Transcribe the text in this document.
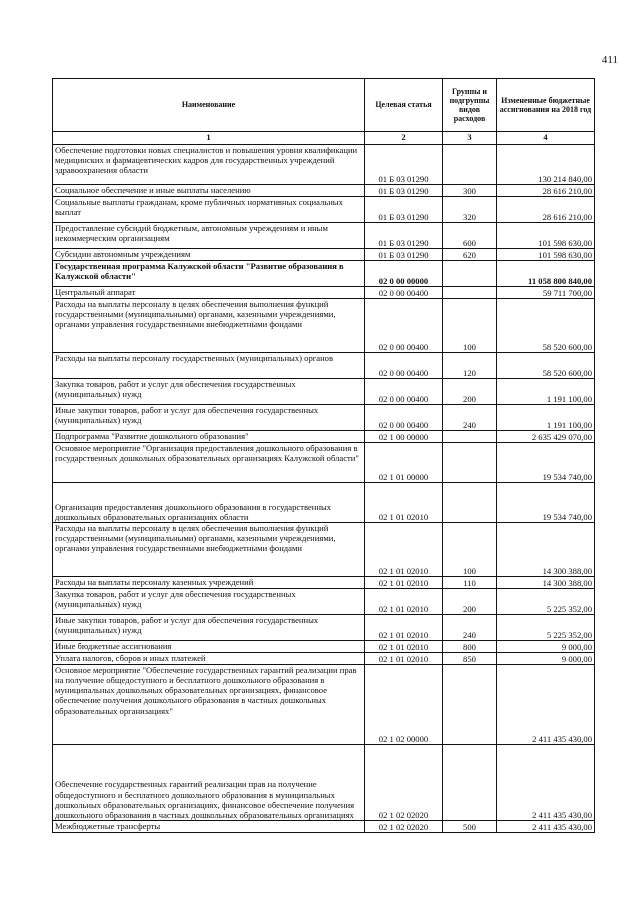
411
Наименование	Целевая статья	Группы и подгруппы видов расходов	Измененные бюджетные ассигнования на 2018 год
1	2	3	4
Обеспечение подготовки новых специалистов и повышения уровня квалификации медицинских и фармацевтических кадров для государственных учреждений здравоохранения области	01 Б 03 01290		130 214 840,00
Социальное обеспечение и иные выплаты населению	01 Б 03 01290	300	28 616 210,00
Социальные выплаты гражданам, кроме публичных нормативных социальных выплат	01 Б 03 01290	320	28 616 210,00
Предоставление субсидий бюджетным, автономным учреждениям и иным некоммерческим организациям	01 Б 03 01290	600	101 598 630,00
Субсидии автономным учреждениям	01 Б 03 01290	620	101 598 630,00
Государственная программа Калужской области "Развитие образования в Калужской области"	02 0 00 00000		11 058 800 840,00
Центральный аппарат	02 0 00 00400		59 711 700,00
Расходы на выплаты персоналу в целях обеспечения выполнения функций государственными (муниципальными) органами, казенными учреждениями, органами управления государственными внебюджетными фондами	02 0 00 00400	100	58 520 600,00
Расходы на выплаты персоналу государственных (муниципальных) органов	02 0 00 00400	120	58 520 600,00
Закупка товаров, работ и услуг для обеспечения государственных (муниципальных) нужд	02 0 00 00400	200	1 191 100,00
Иные закупки товаров, работ и услуг для обеспечения государственных (муниципальных) нужд	02 0 00 00400	240	1 191 100,00
Подпрограмма "Развитие дошкольного образования"	02 1 00 00000		2 635 429 070,00
Основное мероприятие "Организация предоставления дошкольного образования в государственных дошкольных образовательных организациях Калужской области"	02 1 01 00000		19 534 740,00
Организация предоставления дошкольного образования в государственных дошкольных образовательных организациях области	02 1 01 02010		19 534 740,00
Расходы на выплаты персоналу в целях обеспечения выполнения функций государственными (муниципальными) органами, казенными учреждениями, органами управления государственными внебюджетными фондами	02 1 01 02010	100	14 300 388,00
Расходы на выплаты персоналу казенных учреждений	02 1 01 02010	110	14 300 388,00
Закупка товаров, работ и услуг для обеспечения государственных (муниципальных) нужд	02 1 01 02010	200	5 225 352,00
Иные закупки товаров, работ и услуг для обеспечения государственных (муниципальных) нужд	02 1 01 02010	240	5 225 352,00
Иные бюджетные ассигнования	02 1 01 02010	800	9 000,00
Уплата налогов, сборов и иных платежей	02 1 01 02010	850	9 000,00
Основное мероприятие "Обеспечение государственных гарантий реализации прав на получение общедоступного и бесплатного дошкольного образования в муниципальных дошкольных образовательных организациях, финансовое обеспечение получения дошкольного образования в частных дошкольных образовательных организациях"	02 1 02 00000		2 411 435 430,00
Обеспечение государственных гарантий реализации прав на получение общедоступного и бесплатного дошкольного образования в муниципальных дошкольных образовательных организациях, финансовое обеспечение получения дошкольного образования в частных дошкольных образовательных организациях	02 1 02 02020		2 411 435 430,00
Межбюджетные трансферты	02 1 02 02020	500	2 411 435 430,00
